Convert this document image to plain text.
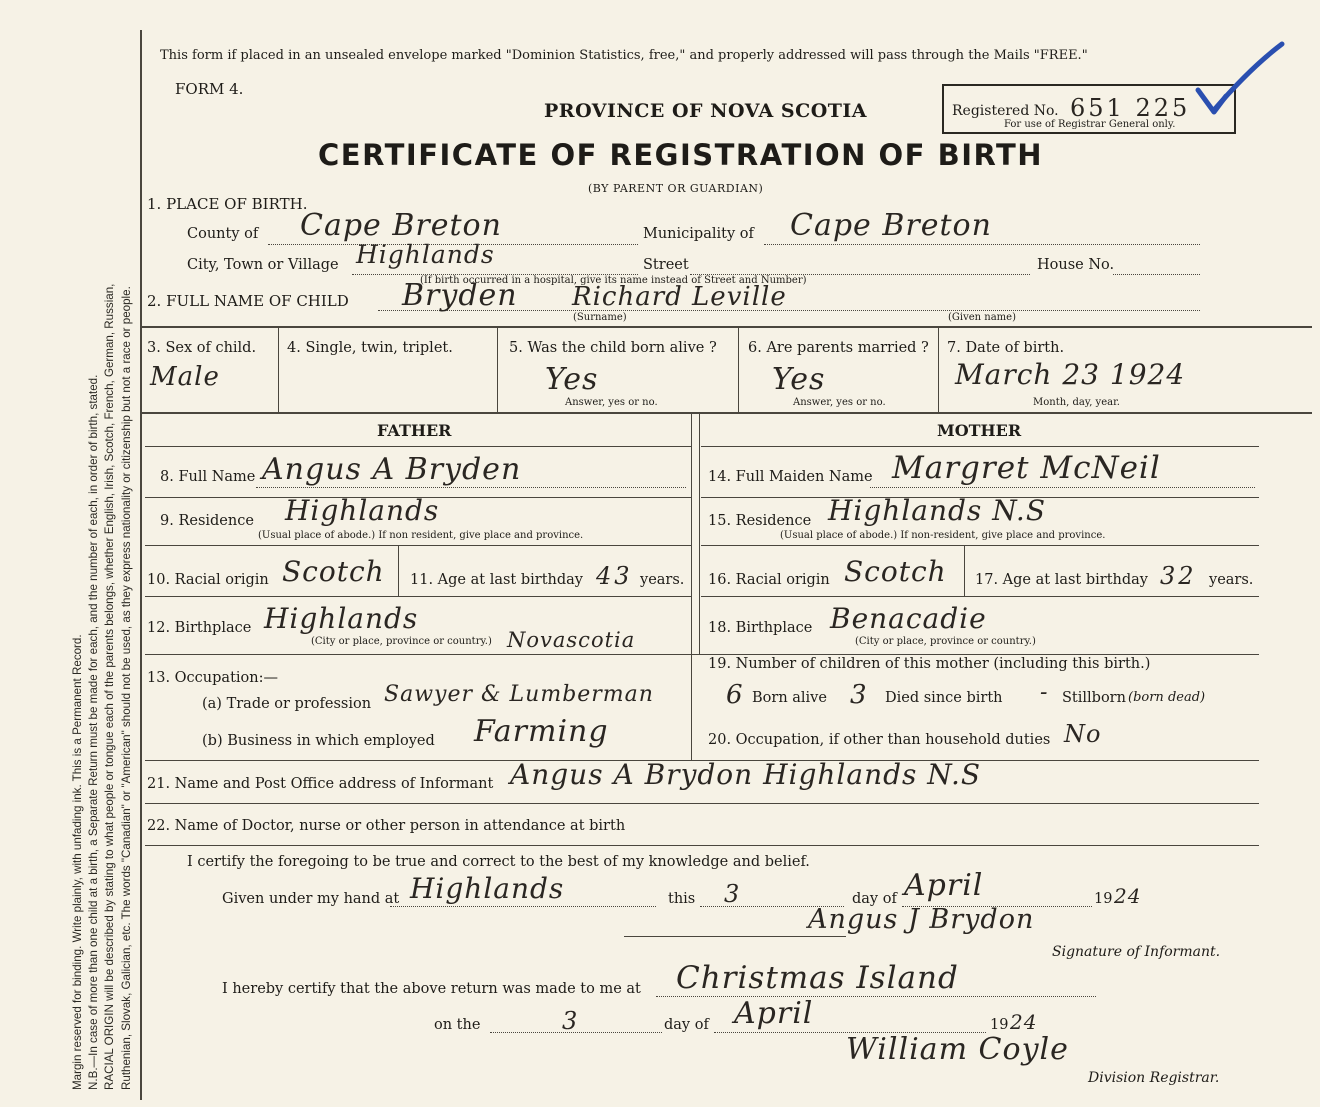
Margin reserved for binding. Write plainly, with unfading ink. This is a Permanent Record. N.B.—In case of more than one child at a birth, a Separate Return must be made for each, and the number of each, in order of birth, stated. RACIAL ORIGIN will be described by stating to what people or tongue each of the parents belongs, whether English, Irish, Scotch, French, German, Russian, Ruthenian, Slovak, Galician, etc. The words "Canadian" or "American" should not be used, as they express nationality or citizenship but not a race or people.
This form if placed in an unsealed envelope marked "Dominion Statistics, free," and properly addressed will pass through the Mails "FREE."
FORM 4.
PROVINCE OF NOVA SCOTIA
CERTIFICATE OF REGISTRATION OF BIRTH
(BY PARENT OR GUARDIAN)
Registered No. 651 225
For use of Registrar General only.
1. PLACE OF BIRTH.
County of Cape Breton	Municipality of Cape Breton
City, Town or Village Highlands	Street	House No.
(If birth occurred in a hospital, give its name instead of Street and Number)
2. FULL NAME OF CHILD Bryden Richard Leville
(Surname)	(Given name)
3. Sex of child.
Male
4. Single, twin, triplet.	5. Was the child born alive ?
Yes
Answer, yes or no.
6. Are parents married ?
Yes
Answer, yes or no.
7. Date of birth.
March 23 1924
Month, day, year.
FATHER	MOTHER
8. Full Name Angus A Bryden
9. Residence Highlands
(Usual place of abode.) If non resident, give place and province.
10. Racial origin Scotch 11. Age at last birthday 43 years.
12. Birthplace Highlands
(City or place, province or country.) Novascotia
13. Occupation:—
(a) Trade or profession Sawyer & Lumberman
(b) Business in which employed Farming
14. Full Maiden Name Margret McNeil
15. Residence Highlands N.S
(Usual place of abode.) If non-resident, give place and province.
16. Racial origin Scotch 17. Age at last birthday 32 years.
18. Birthplace Benacadie
(City or place, province or country.)
19. Number of children of this mother (including this birth.)
6 Born alive 3 Died since birth - Stillborn (born dead)
20. Occupation, if other than household duties No
21. Name and Post Office address of Informant Angus A Brydon Highlands N.S
22. Name of Doctor, nurse or other person in attendance at birth
I certify the foregoing to be true and correct to the best of my knowledge and belief.
Given under my hand at Highlands	this 3	day of April	19 24
Angus J Brydon
Signature of Informant.
I hereby certify that the above return was made to me at Christmas Island
on the	3	day of April	19 24
William Coyle
Division Registrar.
